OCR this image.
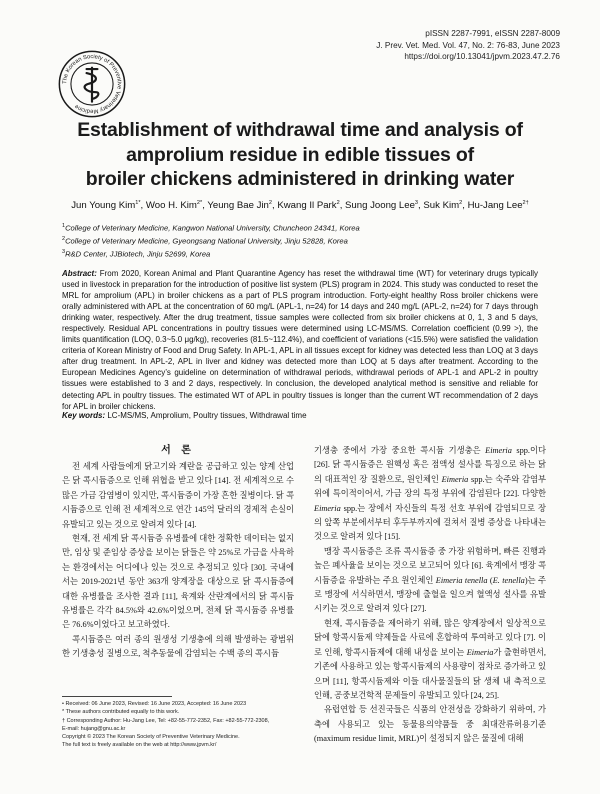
The Korean Society of Preventive Veterinary Medicine
pISSN 2287-7991, eISSN 2287-8009
J. Prev. Vet. Med. Vol. 47, No. 2: 76-83, June 2023
https://doi.org/10.13041/jpvm.2023.47.2.76
Establishment of withdrawal time and analysis of
amprolium residue in edible tissues of
broiler chickens administered in drinking water
Jun Young Kim$^{1*}$, Woo H. Kim$^{2*}$, Yeung Bae Jin$^2$, Kwang Il Park$^2$, Sung Joong Lee$^3$, Suk Kim$^2$, Hu-Jang Lee$^{2\dagger}$
$^1$College of Veterinary Medicine, Kangwon National University, Chuncheon 24341, Korea
$^2$College of Veterinary Medicine, Gyeongsang National University, Jinju 52828, Korea
$^3$R&D Center, JJBiotech, Jinju 52699, Korea
Abstract: From 2020, Korean Animal and Plant Quarantine Agency has reset the withdrawal time (WT) for veterinary drugs typically used in livestock in preparation for the introduction of positive list system (PLS) program in 2024. This study was conducted to reset the MRL for amprolium (APL) in broiler chickens as a part of PLS program introduction. Forty-eight healthy Ross broiler chickens were orally administered with APL at the concentration of 60 mg/L (APL-1, n=24) for 14 days and 240 mg/L (APL-2, n=24) for 7 days through drinking water, respectively. After the drug treatment, tissue samples were collected from six broiler chickens at 0, 1, 3 and 5 days, respectively. Residual APL concentrations in poultry tissues were determined using LC-MS/MS. Correlation coefficient (0.99 >), the limits quantification (LOQ, 0.3~5.0 μg/kg), recoveries (81.5~112.4%), and coefficient of variations (<15.5%) were satisfied the validation criteria of Korean Ministry of Food and Drug Safety. In APL-1, APL in all tissues except for kidney was detected less than LOQ at 3 days after drug treatment. In APL-2, APL in liver and kidney was detected more than LOQ at 5 days after treatment. According to the European Medicines Agency’s guideline on determination of withdrawal periods, withdrawal periods of APL-1 and APL-2 in poultry tissues were established to 3 and 2 days, respectively. In conclusion, the developed analytical method is sensitive and reliable for detecting APL in poultry tissues. The estimated WT of APL in poultry tissues is longer than the current WT recommendation of 2 days for APL in broiler chickens.
Key words: LC-MS/MS, Amprolium, Poultry tissues, Withdrawal time
서 론

전 세계 사람들에게 닭고기와 계란을 공급하고 있는 양계 산업은 닭 콕시듐증으로 인해 위협을 받고 있다 [14]. 전 세계적으로 수많은 가금 감염병이 있지만, 콕시듐증이 가장 흔한 질병이다. 닭 콕시듐증으로 인해 전 세계적으로 연간 145억 달러의 경제적 손실이 유발되고 있는 것으로 알려져 있다 [4].

현재, 전 세계 닭 콕시듐증 유병률에 대한 정확한 데이터는 없지만, 임상 및 준임상 증상을 보이는 닭들은 약 25%로 가금을 사육하는 환경에서는 어디에나 있는 것으로 추정되고 있다 [30]. 국내에서는 2019-2021년 동안 363개 양계장을 대상으로 닭 콕시듐증에 대한 유병률을 조사한 결과 [11], 육계와 산란계에서의 닭 콕시듐 유병률은 각각 84.5%와 42.6%이었으며, 전체 닭 콕시듐증 유병률은 76.6%이었다고 보고하였다.

콕시듐증은 여러 종의 원생성 기생충에 의해 발생하는 광범위한 기생충성 질병으로, 척추동물에 감염되는 수백 종의 콕시듐

기생충 중에서 가장 중요한 콕시듐 기생충은 Eimeria spp.이다 [26]. 닭 콕시듐증은 원핵성 혹은 점액성 설사를 특징으로 하는 닭의 대표적인 장 질환으로, 원인체인 Eimeria spp.는 숙주와 감염부위에 특이적이어서, 가금 장의 특정 부위에 감염된다 [22]. 다양한 Eimeria spp.는 장에서 자신들의 특정 선호 부위에 감염되므로 장의 앞쪽 부분에서부터 후두부까지에 걸쳐서 질병 증상을 나타내는 것으로 알려져 있다 [15].

맹장 콕시듐증은 조류 콕시듐증 중 가장 위험하며, 빠른 진행과 높은 폐사율을 보이는 것으로 보고되어 있다 [6]. 육계에서 맹장 콕시듐증을 유발하는 주요 원인체인 Eimeria tenella (E. tenella)는 주로 맹장에 서식하면서, 맹장에 출혈을 일으켜 혈액성 설사를 유발시키는 것으로 알려져 있다 [27].

현재, 콕시듐증을 제어하기 위해, 많은 양계장에서 일상적으로 닭에 항콕시듐제 약제들을 사료에 혼합하여 투여하고 있다 [7]. 이로 인해, 항콕시듐제에 대해 내성을 보이는 Eimeria가 출현하면서, 기존에 사용하고 있는 항콕시듐제의 사용량이 점차로 증가하고 있으며 [11], 항콕시듐제와 이들 대사물질들의 닭 생체 내 축적으로 인해, 공중보건학적 문제들이 유발되고 있다 [24, 25].

유럽연합 등 선진국들은 식품의 안전성을 강화하기 위하여, 가축에 사용되고 있는 동물용의약품들 중 최대잔류허용기준 (maximum residue limit, MRL)이 설정되지 않은 물질에 대해

• Received: 06 June 2023, Revised: 16 June 2023, Accepted: 16 June 2023
* These authors contributed equally to this work.
† Corresponding Author: Hu-Jang Lee, Tel: +82-55-772-2352, Fax: +82-55-772-2308,
E-mail: hujang@gnu.ac.kr
Copyright © 2023 The Korean Society of Preventive Veterinary Medicine.
The full text is freely available on the web at http://www.jpvm.kr/
